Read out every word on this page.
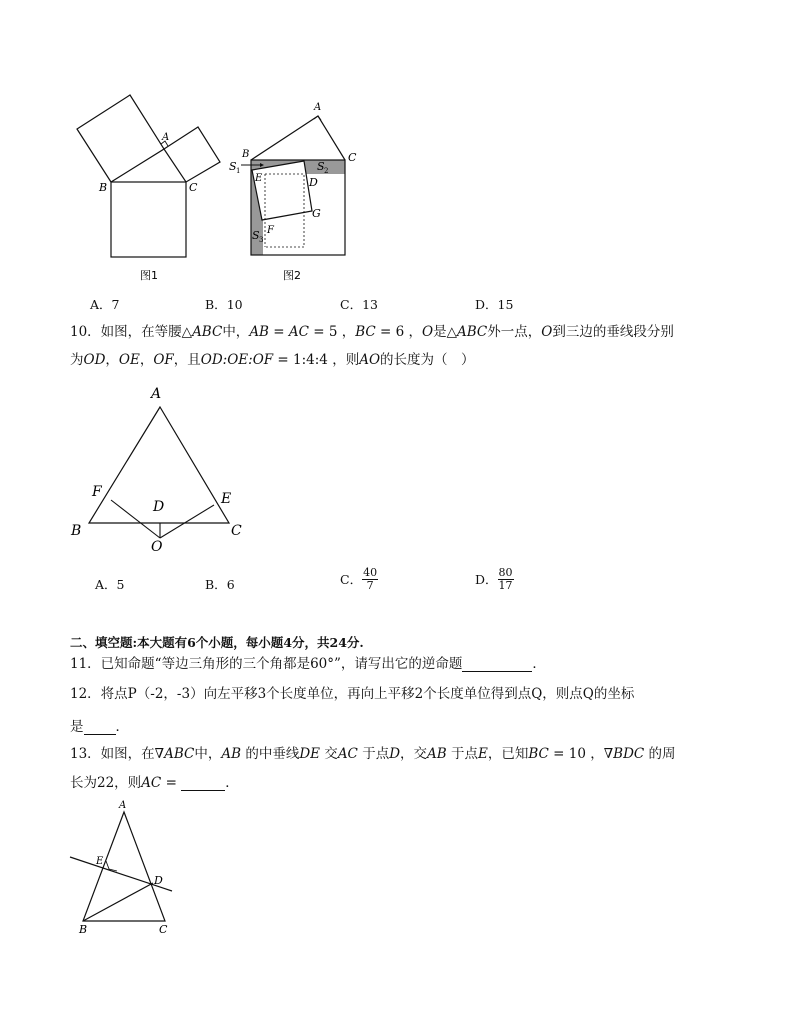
A
B	C
图1
A
B	C
D
E
F
G
S 1	S 2
S 3
图2
A．7	B．10	C．13	D．15
10．如图，在等腰△ABC中，AB = AC = 5 ，BC = 6 ，O是△ABC外一点，O到三边的垂线段分别
为OD，OE，OF，且OD:OE:OF = 1:4:4 ，则AO的长度为（　）
A
B	C
D	E
F
O
A．5	B．6	C． $\frac{40}{7}$	D． $\frac{80}{17}$
二、填空题:本大题有6个小题，每小题4分，共24分.
11．已知命题“等边三角形的三个角都是60°”，请写出它的逆命题	．
12．将点P（-2，-3）向左平移3个长度单位，再向上平移2个长度单位得到点Q，则点Q的坐标
是 ．
13．如图，在∇ABC中，AB 的中垂线DE 交AC 于点D，交AB 于点E，已知BC = 10 ，∇BDC 的周
长为22，则AC =	．
A
B	C
D
E
